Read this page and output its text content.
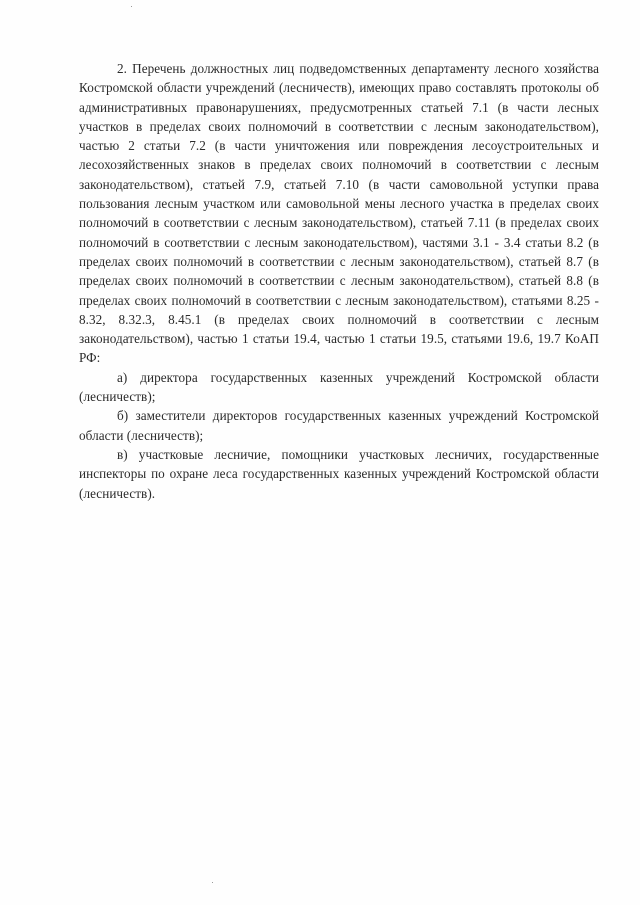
2. Перечень должностных лиц подведомственных департаменту лесного хозяйства Костромской области учреждений (лесничеств), имеющих право составлять протоколы об административных правонарушениях, предусмотренных статьей 7.1 (в части лесных участков в пределах своих полномочий в соответствии с лесным законодательством), частью 2 статьи 7.2 (в части уничтожения или повреждения лесоустроительных и лесохозяйственных знаков в пределах своих полномочий в соответствии с лесным законодательством), статьей 7.9, статьей 7.10 (в части самовольной уступки права пользования лесным участком или самовольной мены лесного участка в пределах своих полномочий в соответствии с лесным законодательством), статьей 7.11 (в пределах своих полномочий в соответствии с лесным законодательством), частями 3.1 - 3.4 статьи 8.2 (в пределах своих полномочий в соответствии с лесным законодательством), статьей 8.7 (в пределах своих полномочий в соответствии с лесным законодательством), статьей 8.8 (в пределах своих полномочий в соответствии с лесным законодательством), статьями 8.25 - 8.32, 8.32.3, 8.45.1 (в пределах своих полномочий в соответствии с лесным законодательством), частью 1 статьи 19.4, частью 1 статьи 19.5, статьями 19.6, 19.7 КоАП РФ:

а) директора государственных казенных учреждений Костромской области (лесничеств);

б) заместители директоров государственных казенных учреждений Костромской области (лесничеств);

в) участковые лесничие, помощники участковых лесничих, государственные инспекторы по охране леса государственных казенных учреждений Костромской области (лесничеств).
